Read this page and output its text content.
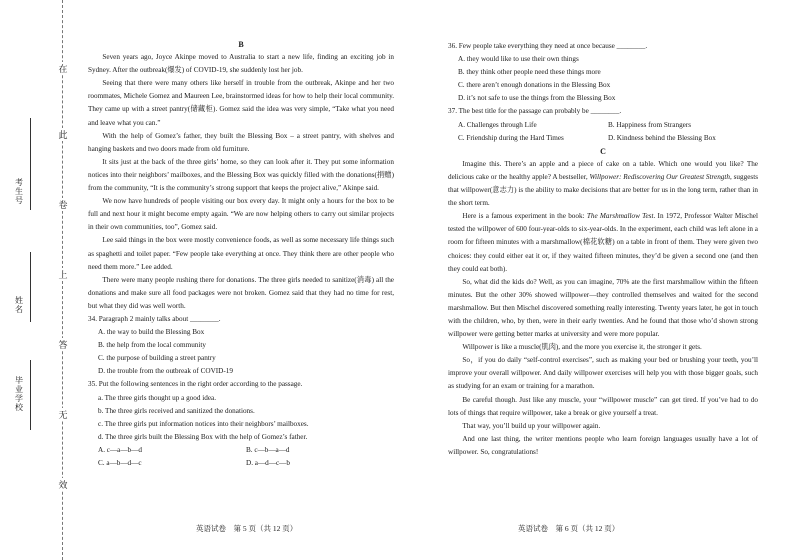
在
此
卷
上
答
无
效
考生号
姓名
毕业学校

B

Seven years ago, Joyce Akinpe moved to Australia to start a new life, finding an exciting job in Sydney. After the outbreak(爆发) of COVID-19, she suddenly lost her job.

Seeing that there were many others like herself in trouble from the outbreak, Akinpe and her two roommates, Michele Gomez and Maureen Lee, brainstormed ideas for how to help their local community. They came up with a street pantry(储藏柜). Gomez said the idea was very simple, “Take what you need and leave what you can.”

With the help of Gomez’s father, they built the Blessing Box – a street pantry, with shelves and hanging baskets and two doors made from old furniture.

It sits just at the back of the three girls’ home, so they can look after it. They put some information notices into their neighbors’ mailboxes, and the Blessing Box was quickly filled with the donations(捐赠) from the community, “It is the community’s strong support that keeps the project alive,” Akinpe said.

We now have hundreds of people visiting our box every day. It might only a hours for the box to be full and next hour it might become empty again. “We are now helping others to carry out similar projects in their own communities, too”, Gomez said.

Lee said things in the box were mostly convenience foods, as well as some necessary life things such as spaghetti and toilet paper. “Few people take everything at once. They think there are other people who need them more.” Lee added.

There were many people rushing there for donations. The three girls needed to sanitize(消毒) all the donations and make sure all food packages were not broken. Gomez said that they had no time for rest, but what they did was well worth.

34. Paragraph 2 mainly talks about ________.

A. the way to build the Blessing Box

B. the help from the local community

C. the purpose of building a street pantry

D. the trouble from the outbreak of COVID-19

35. Put the following sentences in the right order according to the passage.

a. The three girls thought up a good idea.

b. The three girls received and sanitized the donations.

c. The three girls put information notices into their neighbors’ mailboxes.

d. The three girls built the Blessing Box with the help of Gomez’s father.

A. c—a—b—d	B. c—b—a—d
C. a—b—d—c	D. a—d—c—b

36. Few people take everything they need at once because ________.

A. they would like to use their own things

B. they think other people need these things more

C. there aren’t enough donations in the Blessing Box

D. it’s not safe to use the things from the Blessing Box

37. The best title for the passage can probably be ________.

A. Challenges through Life	B. Happiness from Strangers
C. Friendship during the Hard Times	D. Kindness behind the Blessing Box

C

Imagine this. There’s an apple and a piece of cake on a table. Which one would you like? The delicious cake or the healthy apple? A bestseller, Willpower: Rediscovering Our Greatest Strength, suggests that willpower(意志力) is the ability to make decisions that are better for us in the long term, rather than in the short term.

Here is a famous experiment in the book: The Marshmallow Test. In 1972, Professor Walter Mischel tested the willpower of 600 four-year-olds to six-year-olds. In the experiment, each child was left alone in a room for fifteen minutes with a marshmallow(棉花软糖) on a table in front of them. They were given two choices: they could either eat it or, if they waited fifteen minutes, they’d be given a second one (and then they could eat both).

So, what did the kids do? Well, as you can imagine, 70% ate the first marshmallow within the fifteen minutes. But the other 30% showed willpower—they controlled themselves and waited for the second marshmallow. But then Mischel discovered something really interesting. Twenty years later, he got in touch with the children, who, by then, were in their early twenties. And he found that those who’d shown strong willpower were getting better marks at university and were more popular.

Willpower is like a muscle(肌肉), and the more you exercise it, the stronger it gets.

So，if you do daily “self-control exercises”, such as making your bed or brushing your teeth, you’ll improve your overall willpower. And daily willpower exercises will help you with those bigger goals, such as studying for an exam or training for a marathon.

Be careful though. Just like any muscle, your “willpower muscle” can get tired. If you’ve had to do lots of things that require willpower, take a break or give yourself a treat.

That way, you’ll build up your willpower again.

And one last thing, the writer mentions people who learn foreign languages usually have a lot of willpower. So, congratulations!

英语试卷　第 5 页（共 12 页）	英语试卷　第 6 页（共 12 页）
